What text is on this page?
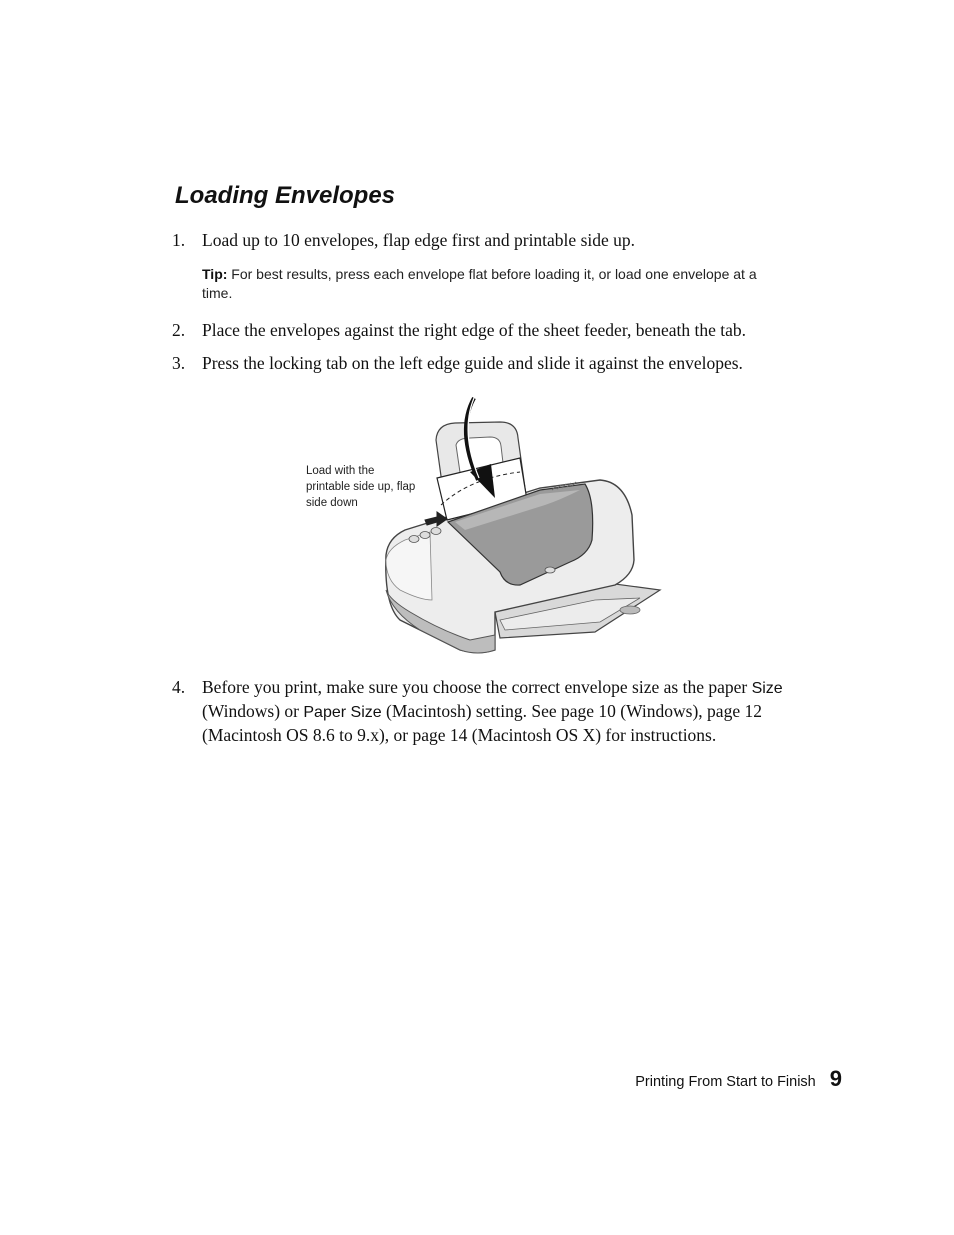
Loading Envelopes
1. Load up to 10 envelopes, flap edge first and printable side up.
Tip: For best results, press each envelope flat before loading it, or load one envelope at a time.
2. Place the envelopes against the right edge of the sheet feeder, beneath the tab.
3. Press the locking tab on the left edge guide and slide it against the envelopes.
Load with the printable side up, flap side down
4. Before you print, make sure you choose the correct envelope size as the paper Size (Windows) or Paper Size (Macintosh) setting. See page 10 (Windows), page 12 (Macintosh OS 8.6 to 9.x), or page 14 (Macintosh OS X) for instructions.
Printing From Start to Finish 9
